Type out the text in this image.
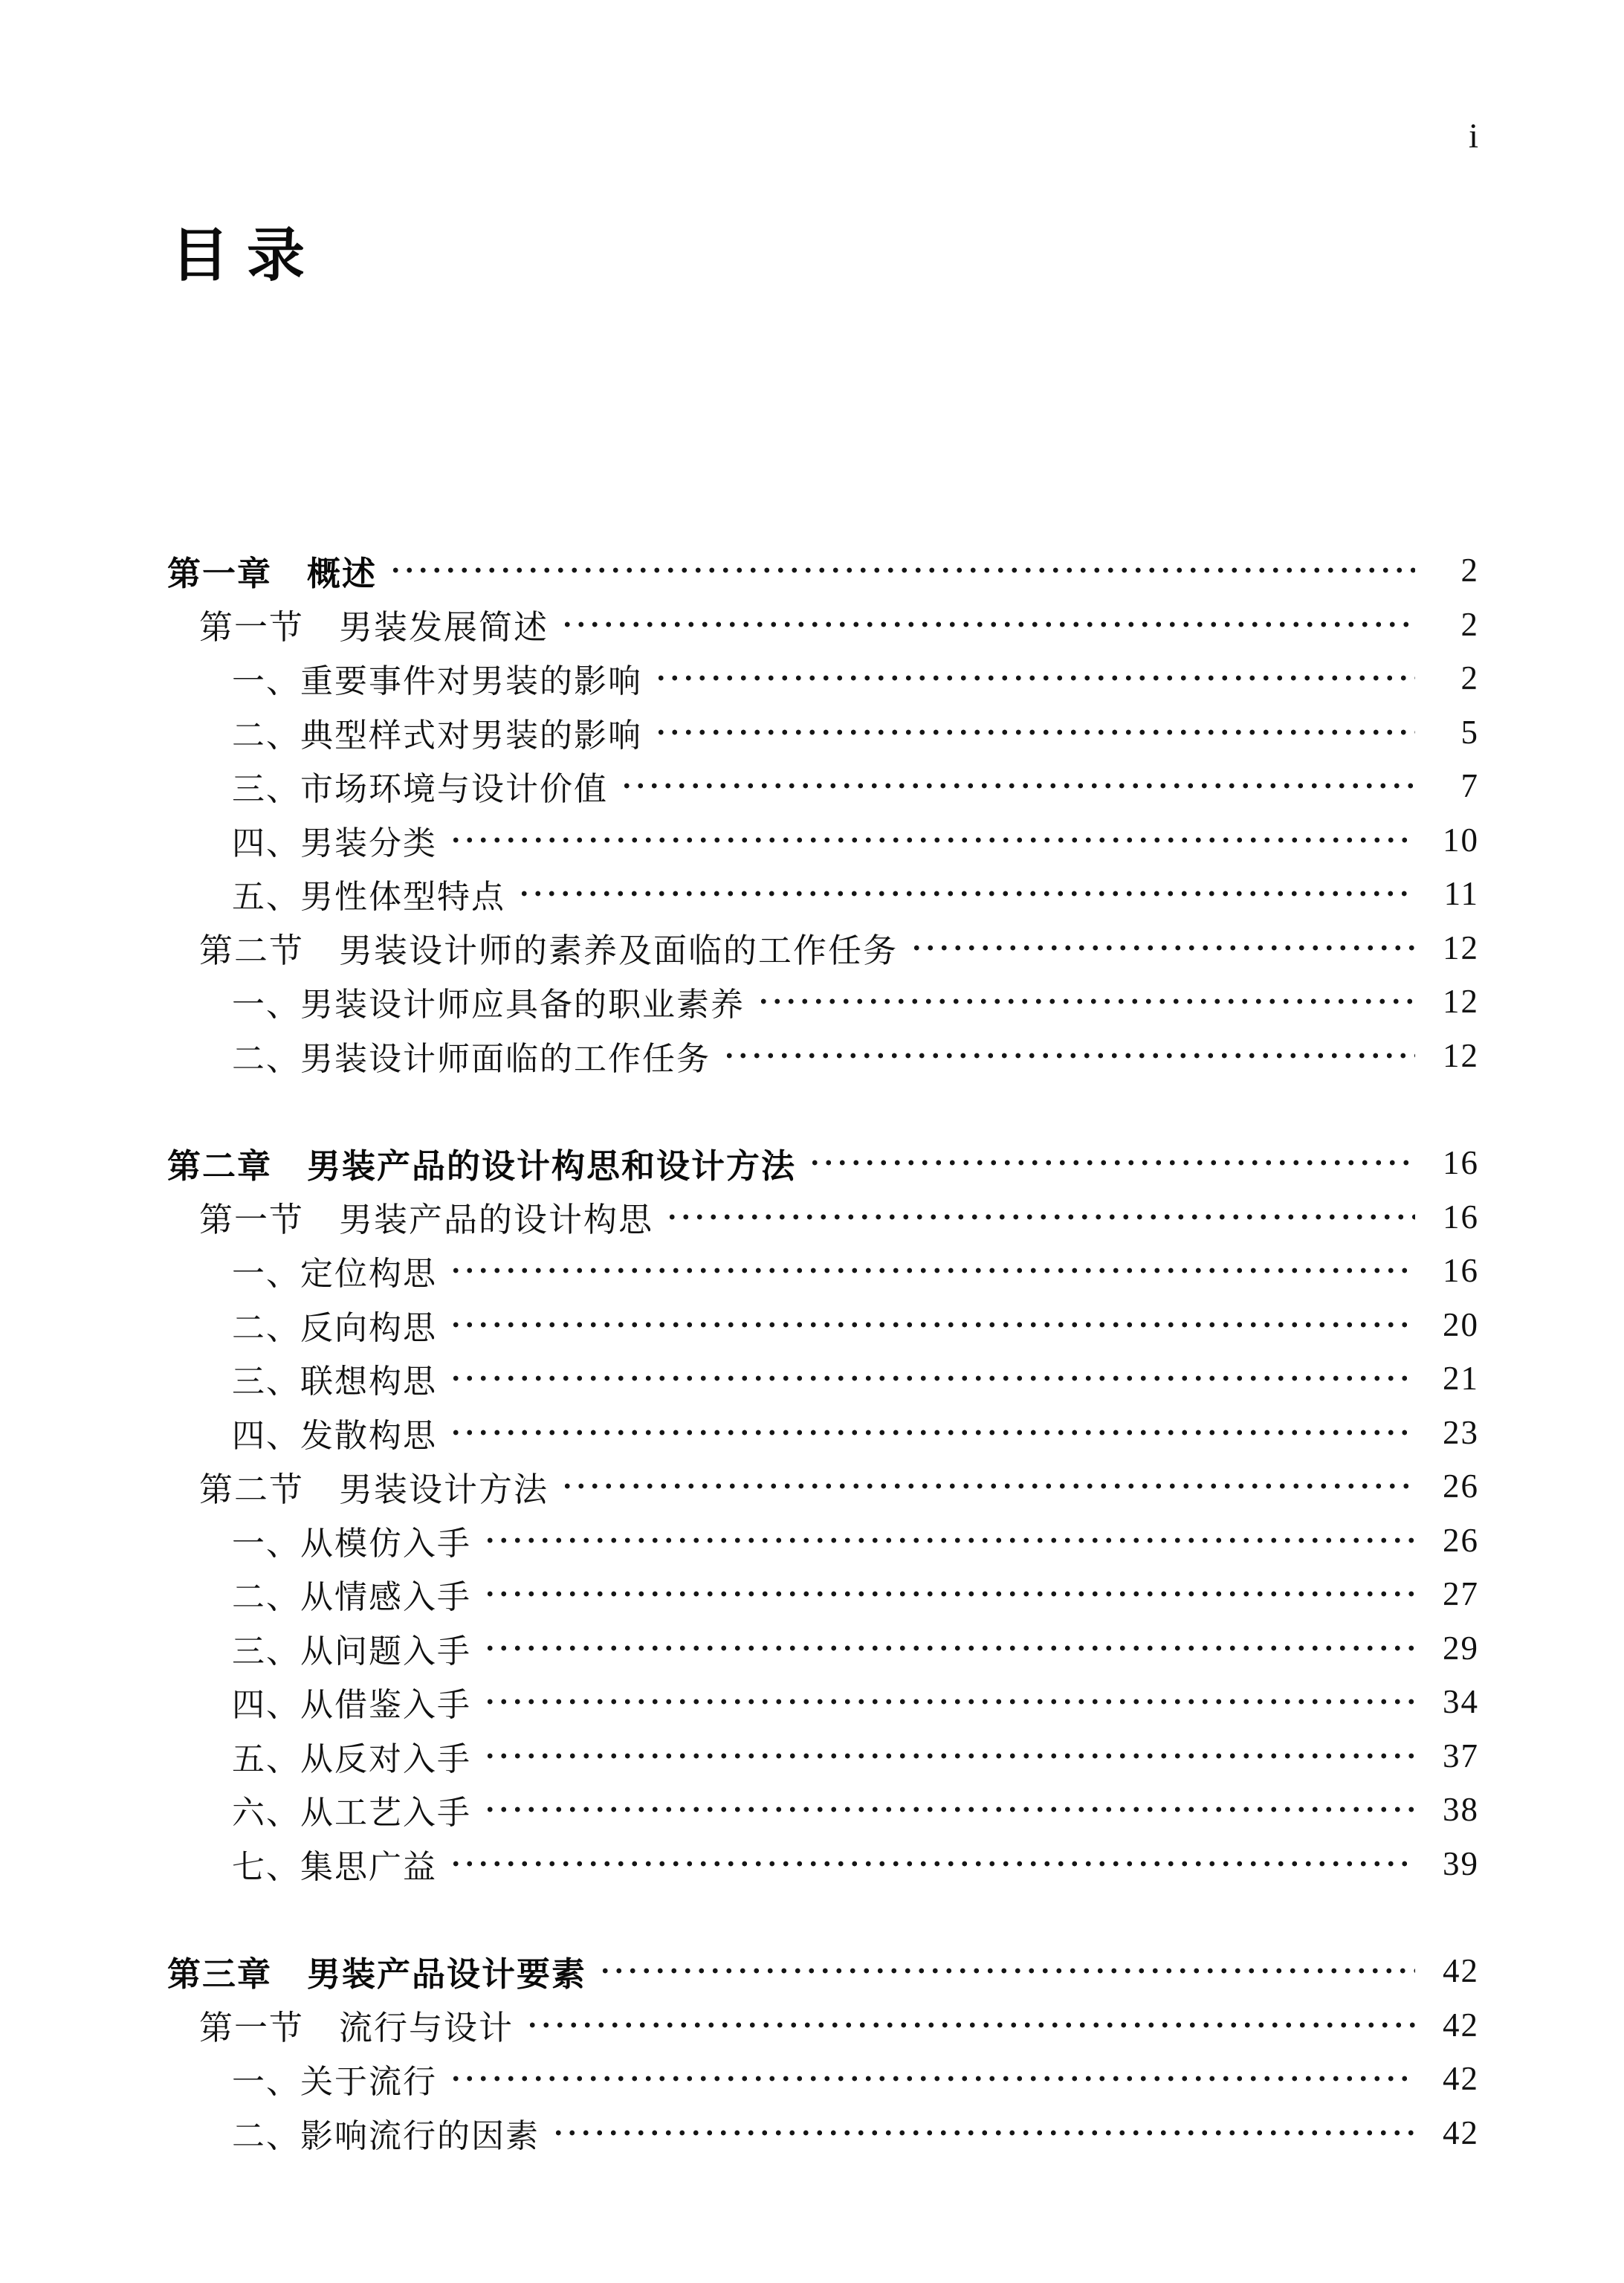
i
目录
第一章　概述	2
第一节　男装发展简述	2
一、重要事件对男装的影响	2
二、典型样式对男装的影响	5
三、市场环境与设计价值	7
四、男装分类	10
五、男性体型特点	11
第二节　男装设计师的素养及面临的工作任务	12
一、男装设计师应具备的职业素养	12
二、男装设计师面临的工作任务	12
第二章　男装产品的设计构思和设计方法	16
第一节　男装产品的设计构思	16
一、定位构思	16
二、反向构思	20
三、联想构思	21
四、发散构思	23
第二节　男装设计方法	26
一、从模仿入手	26
二、从情感入手	27
三、从问题入手	29
四、从借鉴入手	34
五、从反对入手	37
六、从工艺入手	38
七、集思广益	39
第三章　男装产品设计要素	42
第一节　流行与设计	42
一、关于流行	42
二、影响流行的因素	42
